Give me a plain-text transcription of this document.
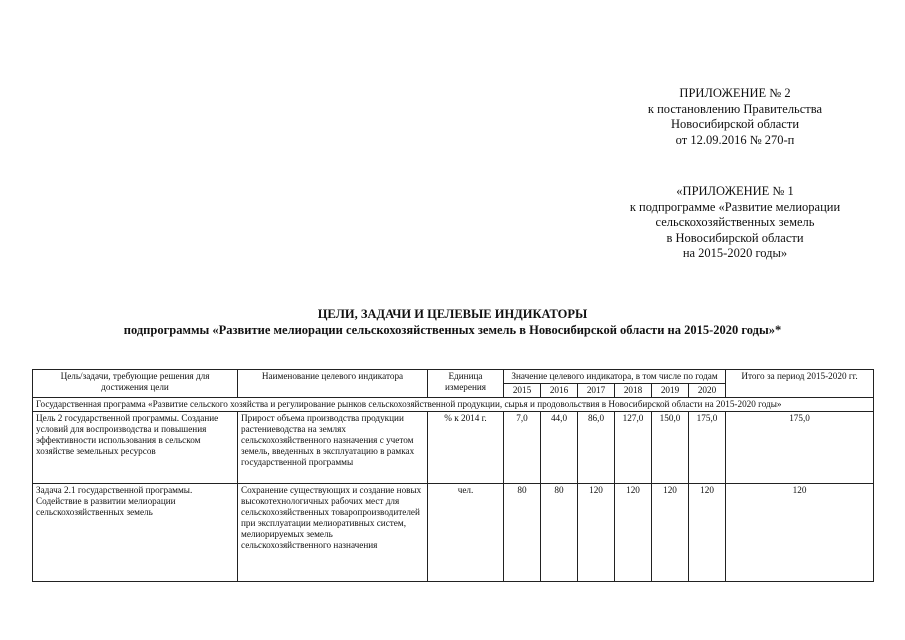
ПРИЛОЖЕНИЕ № 2
к постановлению Правительства
Новосибирской области
от 12.09.2016 № 270-п
«ПРИЛОЖЕНИЕ № 1
к подпрограмме «Развитие мелиорации
сельскохозяйственных земель
в Новосибирской области
на 2015-2020 годы»
ЦЕЛИ, ЗАДАЧИ И ЦЕЛЕВЫЕ ИНДИКАТОРЫ
подпрограммы «Развитие мелиорации сельскохозяйственных земель в Новосибирской области на 2015-2020 годы»*
Цель/задачи, требующие решения для достижения цели	Наименование целевого индикатора	Единица измерения	Значение целевого индикатора, в том числе по годам						Итого за период 2015-2020 гг.
			2015	2016	2017	2018	2019	2020	
Государственная программа «Развитие сельского хозяйства и регулирование рынков сельскохозяйственной продукции, сырья и продовольствия в Новосибирской области на 2015-2020 годы»									
Цель 2 государственной программы. Создание условий для воспроизводства и повышения эффективности использования в сельском хозяйстве земельных ресурсов	Прирост объема производства продукции растениеводства на землях сельскохозяйственного назначения с учетом земель, введенных в эксплуатацию в рамках государственной программы	% к 2014 г.	7,0	44,0	86,0	127,0	150,0	175,0	175,0
Задача 2.1 государственной программы. Содействие в развитии мелиорации сельскохозяйственных земель	Сохранение существующих и создание новых высокотехнологичных рабочих мест для сельскохозяйственных товаропроизводителей при эксплуатации мелиоративных систем, мелиорируемых земель сельскохозяйственного назначения	чел.	80	80	120	120	120	120	120
